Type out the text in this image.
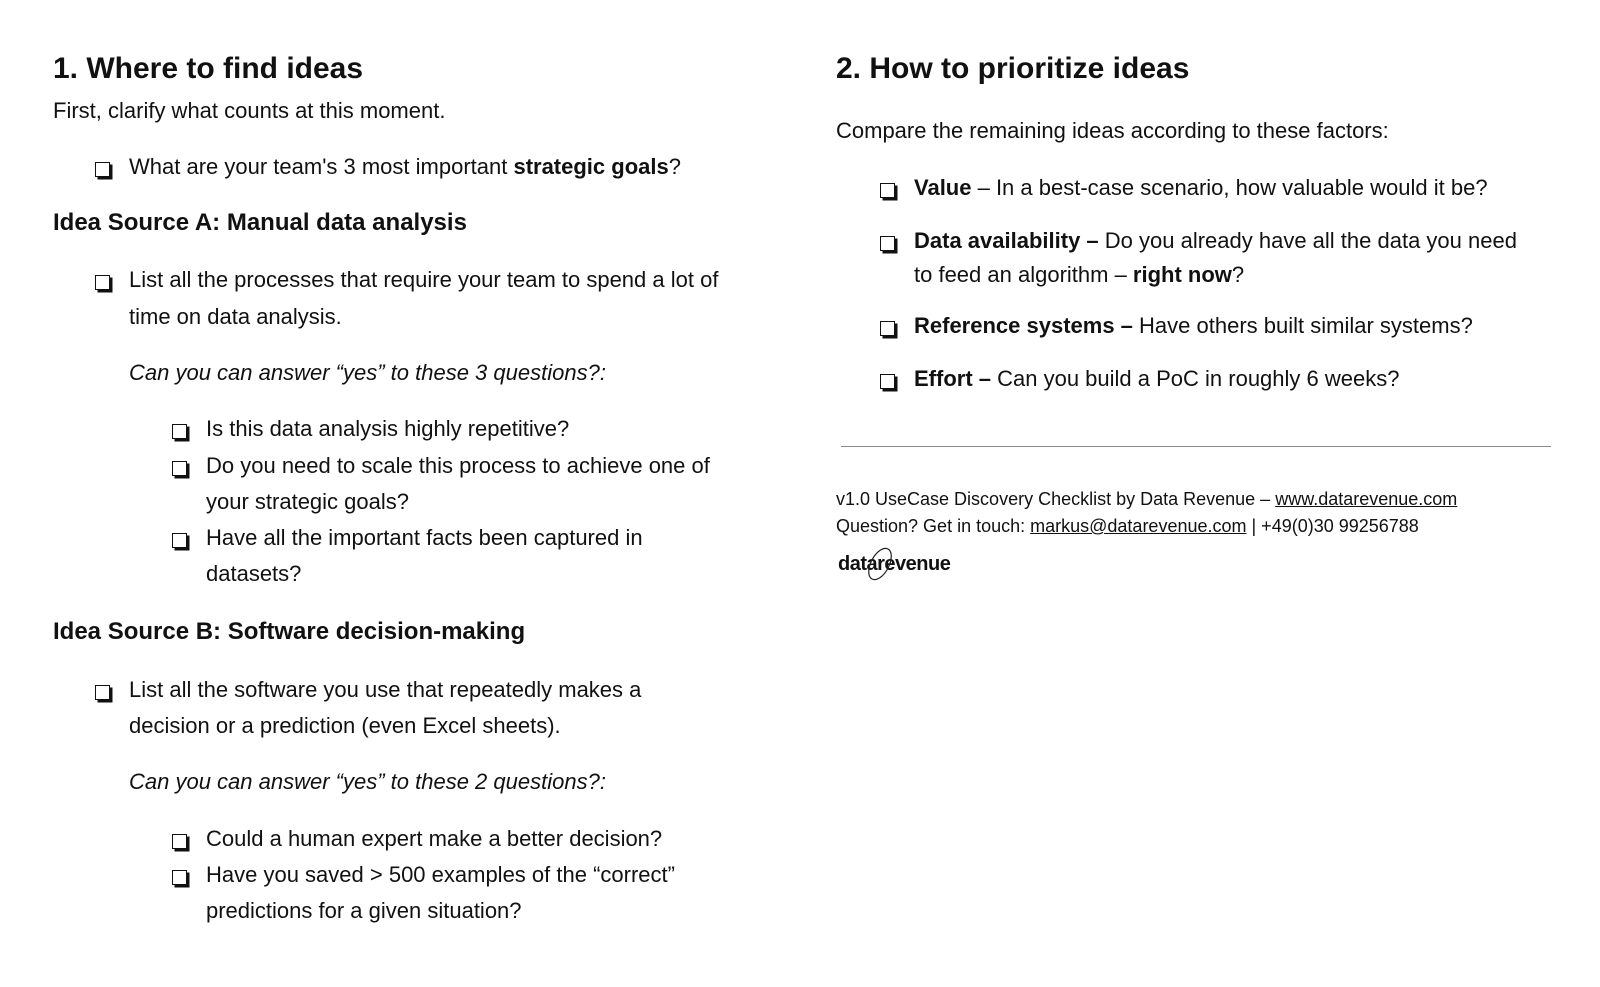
1. Where to find ideas
First, clarify what counts at this moment.
What are your team's 3 most important strategic goals?
Idea Source A: Manual data analysis
List all the processes that require your team to spend a lot of
time on data analysis.
Can you can answer “yes” to these 3 questions?:
Is this data analysis highly repetitive?
Do you need to scale this process to achieve one of
your strategic goals?
Have all the important facts been captured in
datasets?
Idea Source B: Software decision-making
List all the software you use that repeatedly makes a
decision or a prediction (even Excel sheets).
Can you can answer “yes” to these 2 questions?:
Could a human expert make a better decision?
Have you saved > 500 examples of the “correct”
predictions for a given situation?
2. How to prioritize ideas
Compare the remaining ideas according to these factors:
Value – In a best-case scenario, how valuable would it be?
Data availability – Do you already have all the data you need
to feed an algorithm – right now?
Reference systems – Have others built similar systems?
Effort – Can you build a PoC in roughly 6 weeks?
v1.0 UseCase Discovery Checklist by Data Revenue – www.datarevenue.com
Question? Get in touch: markus@datarevenue.com | +49(0)30 99256788
datarevenue
